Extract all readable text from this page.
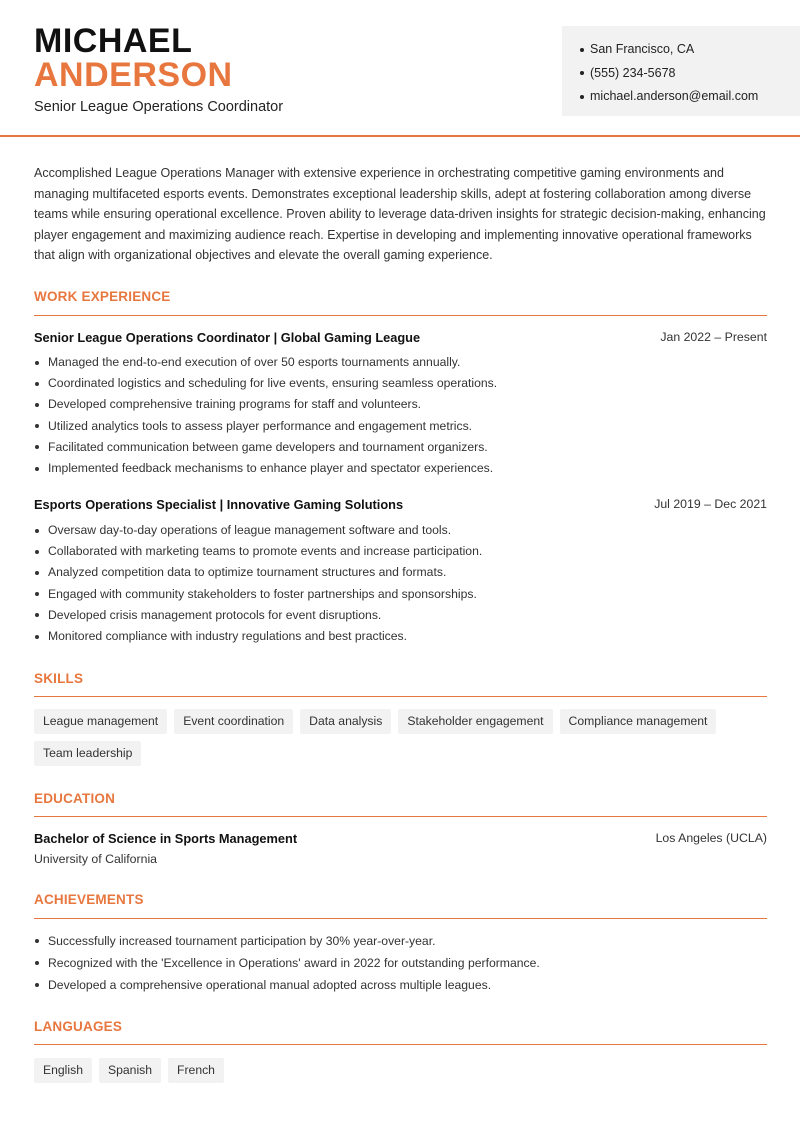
MICHAEL
ANDERSON
Senior League Operations Coordinator
San Francisco, CA
(555) 234-5678
michael.anderson@email.com
Accomplished League Operations Manager with extensive experience in orchestrating competitive gaming environments and managing multifaceted esports events. Demonstrates exceptional leadership skills, adept at fostering collaboration among diverse teams while ensuring operational excellence. Proven ability to leverage data-driven insights for strategic decision-making, enhancing player engagement and maximizing audience reach. Expertise in developing and implementing innovative operational frameworks that align with organizational objectives and elevate the overall gaming experience.
WORK EXPERIENCE
Senior League Operations Coordinator | Global Gaming League	Jan 2022 – Present
Managed the end-to-end execution of over 50 esports tournaments annually.
Coordinated logistics and scheduling for live events, ensuring seamless operations.
Developed comprehensive training programs for staff and volunteers.
Utilized analytics tools to assess player performance and engagement metrics.
Facilitated communication between game developers and tournament organizers.
Implemented feedback mechanisms to enhance player and spectator experiences.
Esports Operations Specialist | Innovative Gaming Solutions	Jul 2019 – Dec 2021
Oversaw day-to-day operations of league management software and tools.
Collaborated with marketing teams to promote events and increase participation.
Analyzed competition data to optimize tournament structures and formats.
Engaged with community stakeholders to foster partnerships and sponsorships.
Developed crisis management protocols for event disruptions.
Monitored compliance with industry regulations and best practices.
SKILLS
League management	Event coordination	Data analysis	Stakeholder engagement	Compliance management
Team leadership
EDUCATION
Bachelor of Science in Sports Management	Los Angeles (UCLA)
University of California
ACHIEVEMENTS
Successfully increased tournament participation by 30% year-over-year.
Recognized with the 'Excellence in Operations' award in 2022 for outstanding performance.
Developed a comprehensive operational manual adopted across multiple leagues.
LANGUAGES
English	Spanish	French
